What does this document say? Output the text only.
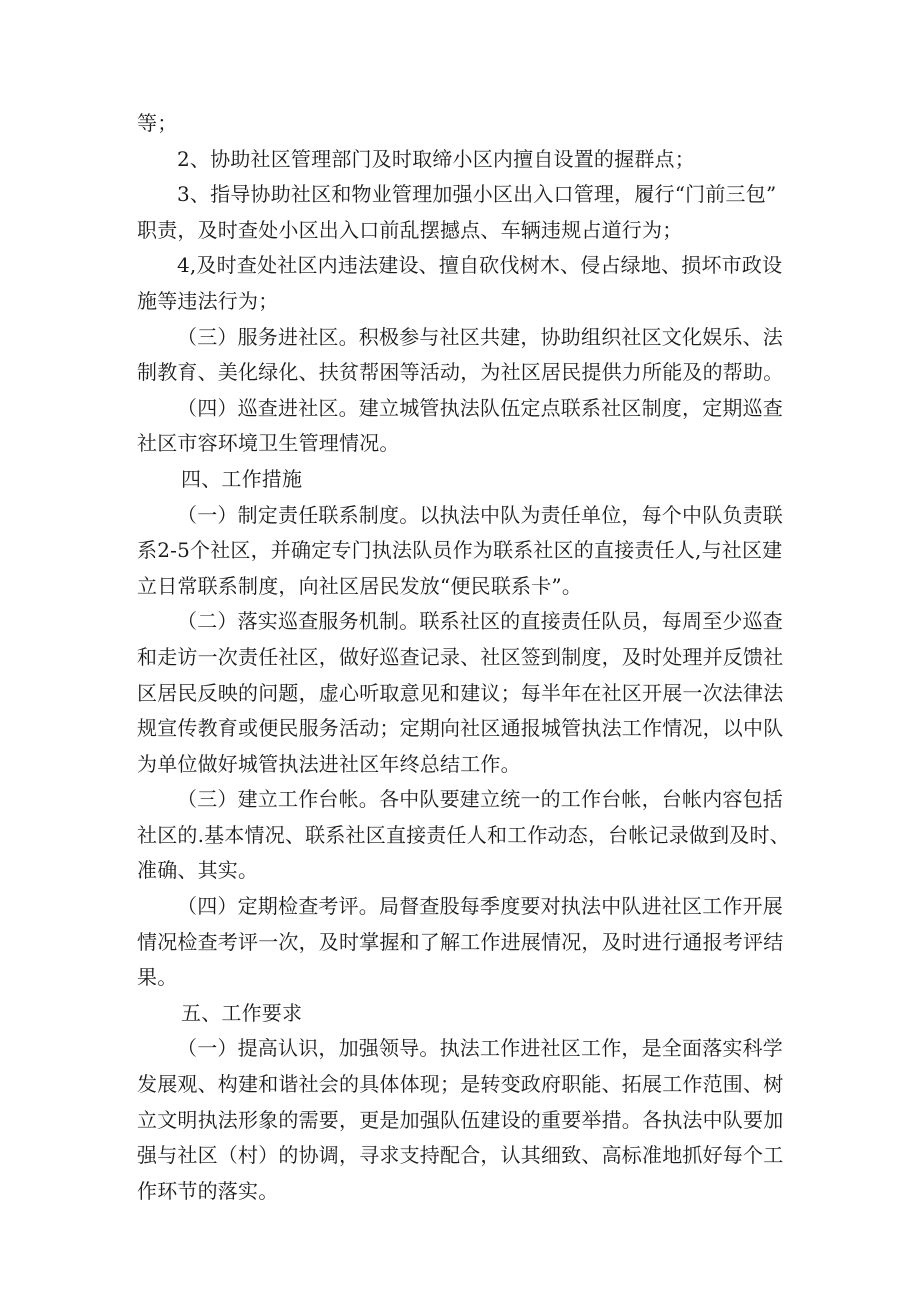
等；
2、协助社区管理部门及时取缔小区内擅自设置的握群点；
3、指导协助社区和物业管理加强小区出入口管理，履行“门前三包”
职责，及时查处小区出入口前乱摆撼点、车辆违规占道行为；
4,及时查处社区内违法建设、擅自砍伐树木、侵占绿地、损坏市政设
施等违法行为；
（三）服务进社区。积极参与社区共建，协助组织社区文化娱乐、法
制教育、美化绿化、扶贫帮困等活动，为社区居民提供力所能及的帮助。
（四）巡查进社区。建立城管执法队伍定点联系社区制度，定期巡查
社区市容环境卫生管理情况。
四、工作措施
（一）制定责任联系制度。以执法中队为责任单位，每个中队负责联
系2-5个社区，并确定专门执法队员作为联系社区的直接责任人,与社区建
立日常联系制度，向社区居民发放“便民联系卡”。
（二）落实巡查服务机制。联系社区的直接责任队员，每周至少巡查
和走访一次责任社区，做好巡查记录、社区签到制度，及时处理并反馈社
区居民反映的问题，虚心听取意见和建议；每半年在社区开展一次法律法
规宣传教育或便民服务活动；定期向社区通报城管执法工作情况，以中队
为单位做好城管执法进社区年终总结工作。
（三）建立工作台帐。各中队要建立统一的工作台帐，台帐内容包括
社区的.基本情况、联系社区直接责任人和工作动态，台帐记录做到及时、
准确、其实。
（四）定期检查考评。局督查股每季度要对执法中队进社区工作开展
情况检查考评一次，及时掌握和了解工作进展情况，及时进行通报考评结
果。
五、工作要求
（一）提高认识，加强领导。执法工作进社区工作，是全面落实科学
发展观、构建和谐社会的具体体现；是转变政府职能、拓展工作范围、树
立文明执法形象的需要，更是加强队伍建设的重要举措。各执法中队要加
强与社区（村）的协调，寻求支持配合，认其细致、高标准地抓好每个工
作环节的落实。
